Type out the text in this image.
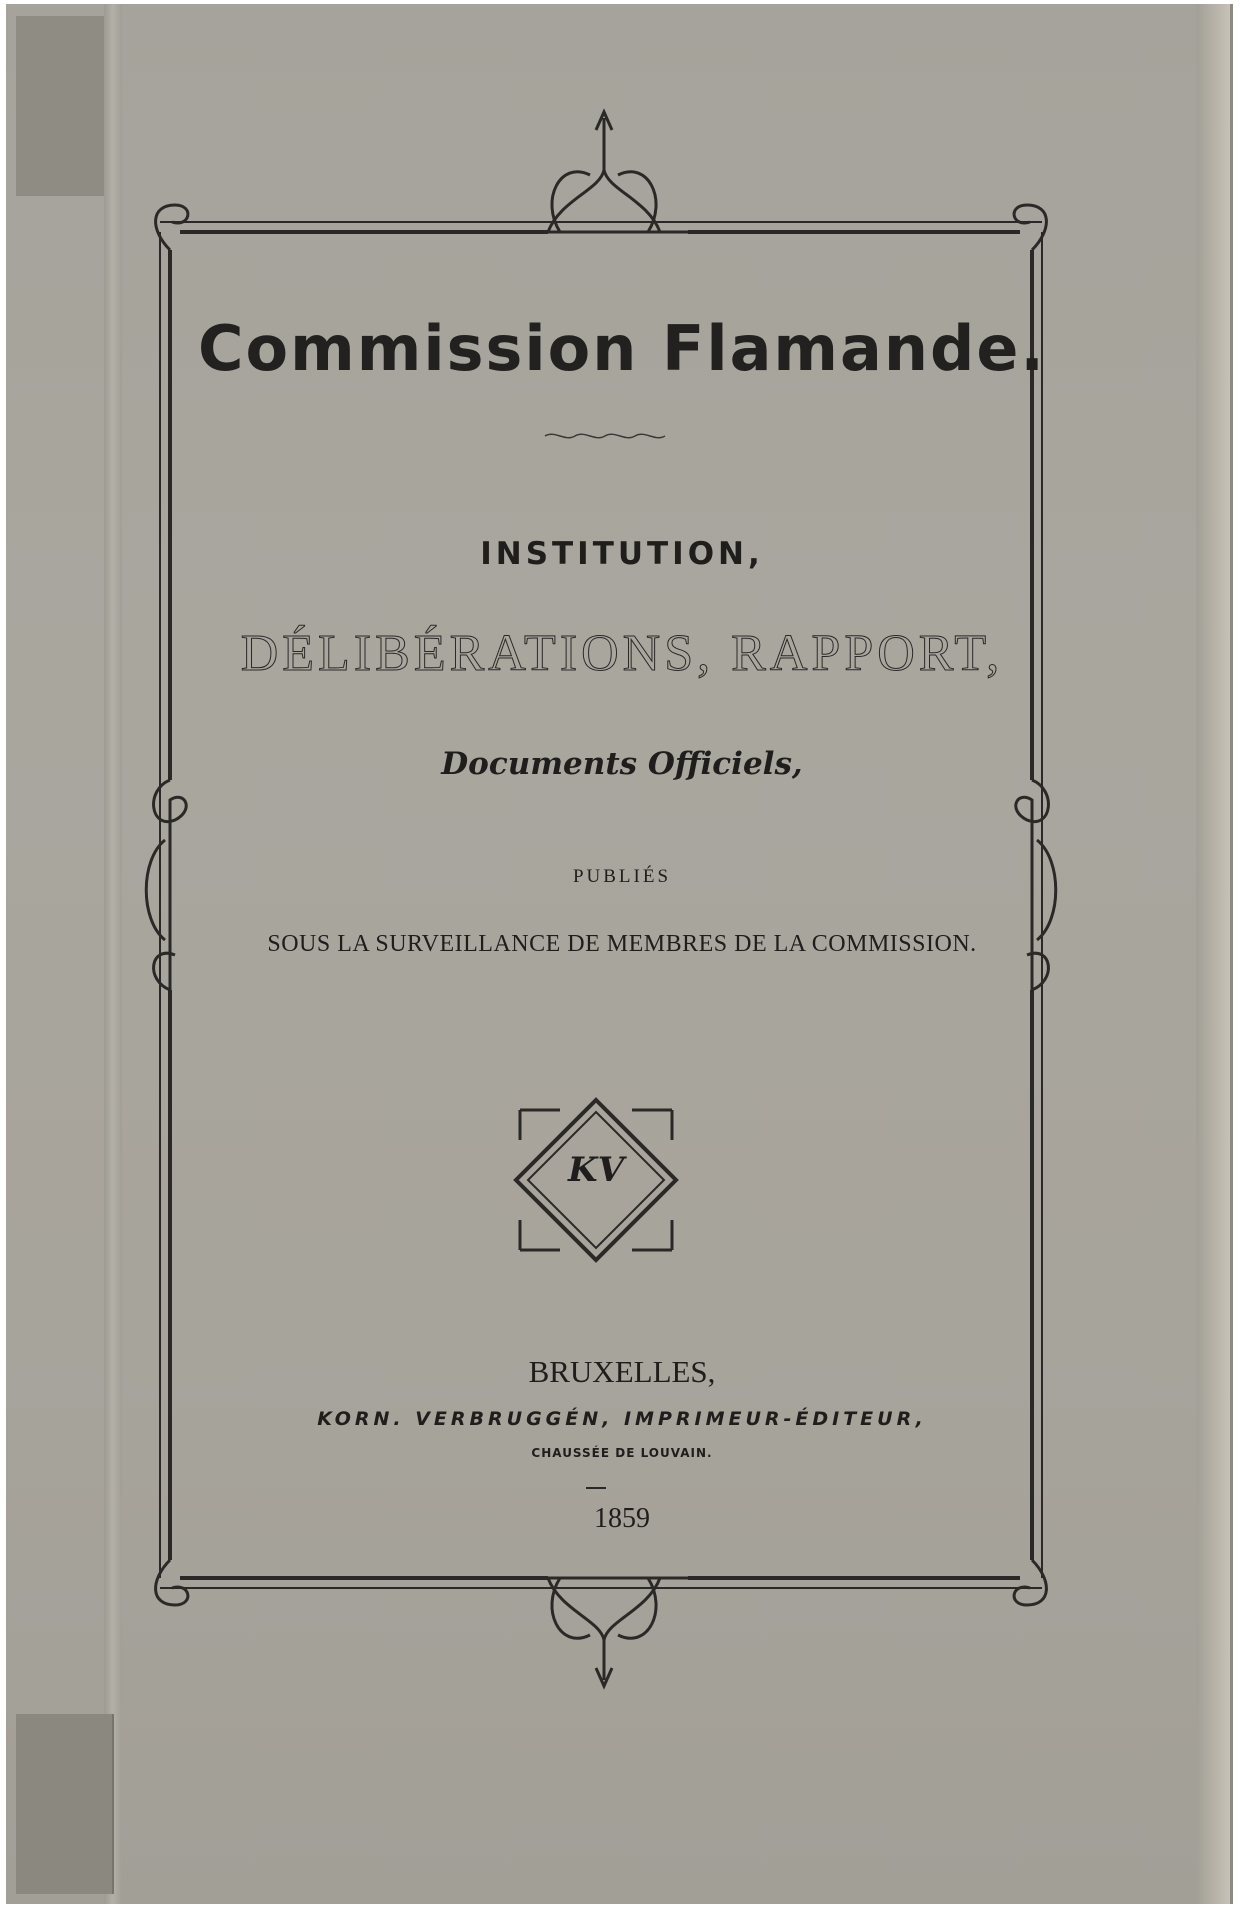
Commission Flamande.
INSTITUTION,
DÉLIBÉRATIONS, RAPPORT,
Documents Officiels,
PUBLIÉS
SOUS LA SURVEILLANCE DE MEMBRES DE LA COMMISSION.
KV
BRUXELLES,
KORN. VERBRUGGÉN, IMPRIMEUR-ÉDITEUR,
CHAUSSÉE DE LOUVAIN.
1859
